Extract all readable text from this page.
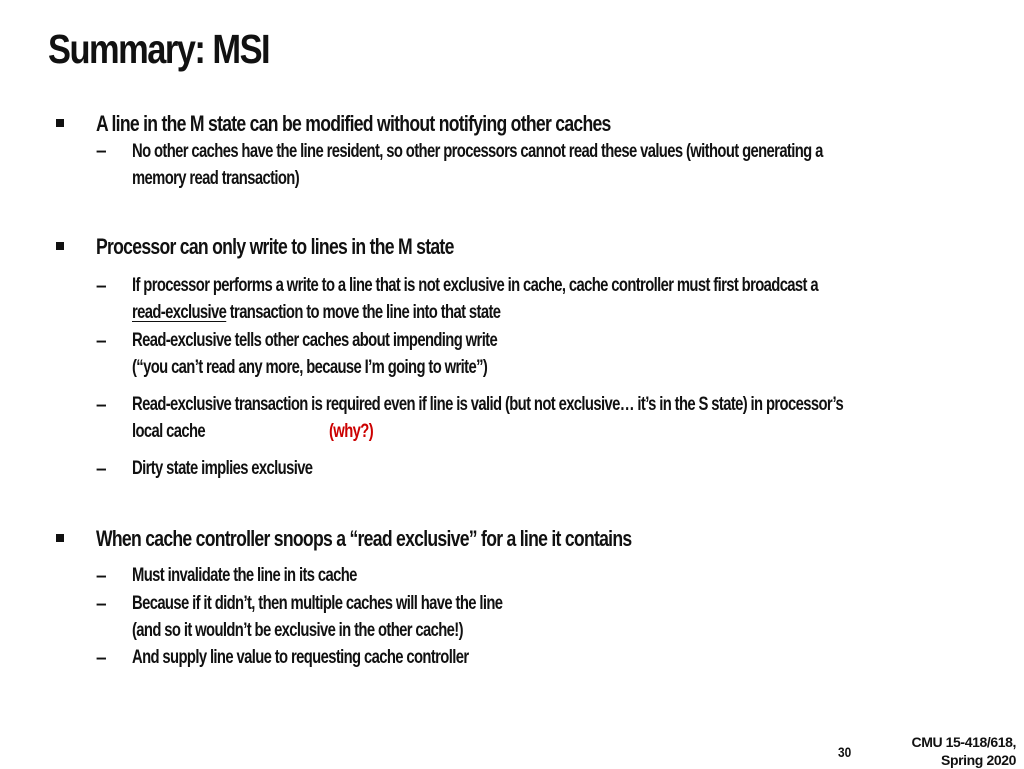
Summary: MSI
A line in the M state can be modified without notifying other caches
– No other caches have the line resident, so other processors cannot read these values (without generating a
memory read transaction)
Processor can only write to lines in the M state
– If processor performs a write to a line that is not exclusive in cache, cache controller must first broadcast a
read-exclusive transaction to move the line into that state
– Read-exclusive tells other caches about impending write
(“you can’t read any more, because I’m going to write”)
– Read-exclusive transaction is required even if line is valid (but not exclusive… it’s in the S state) in processor’s
local cache	(why?)
– Dirty state implies exclusive
When cache controller snoops a “read exclusive” for a line it contains
– Must invalidate the line in its cache
– Because if it didn’t, then multiple caches will have the line
(and so it wouldn’t be exclusive in the other cache!)
– And supply line value to requesting cache controller
30
CMU 15-418/618,
Spring 2020
